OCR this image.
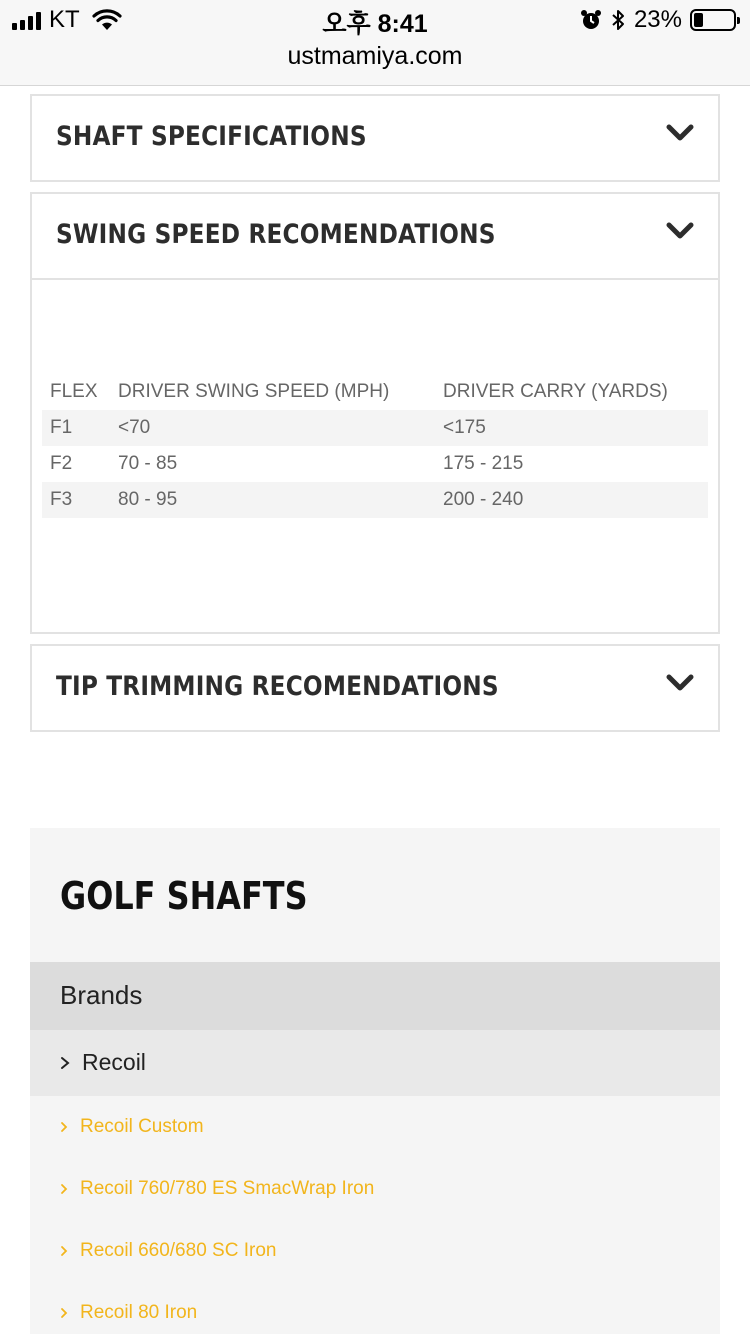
KT	오후 8:41	23%
ustmamiya.com
SHAFT SPECIFICATIONS
SWING SPEED RECOMENDATIONS
FLEX	DRIVER SWING SPEED (MPH)	DRIVER CARRY (YARDS)
F1	<70	<175
F2	70 - 85	175 - 215
F3	80 - 95	200 - 240
TIP TRIMMING RECOMENDATIONS
GOLF SHAFTS
Brands
Recoil
Recoil Custom
Recoil 760/780 ES SmacWrap Iron
Recoil 660/680 SC Iron
Recoil 80 Iron
